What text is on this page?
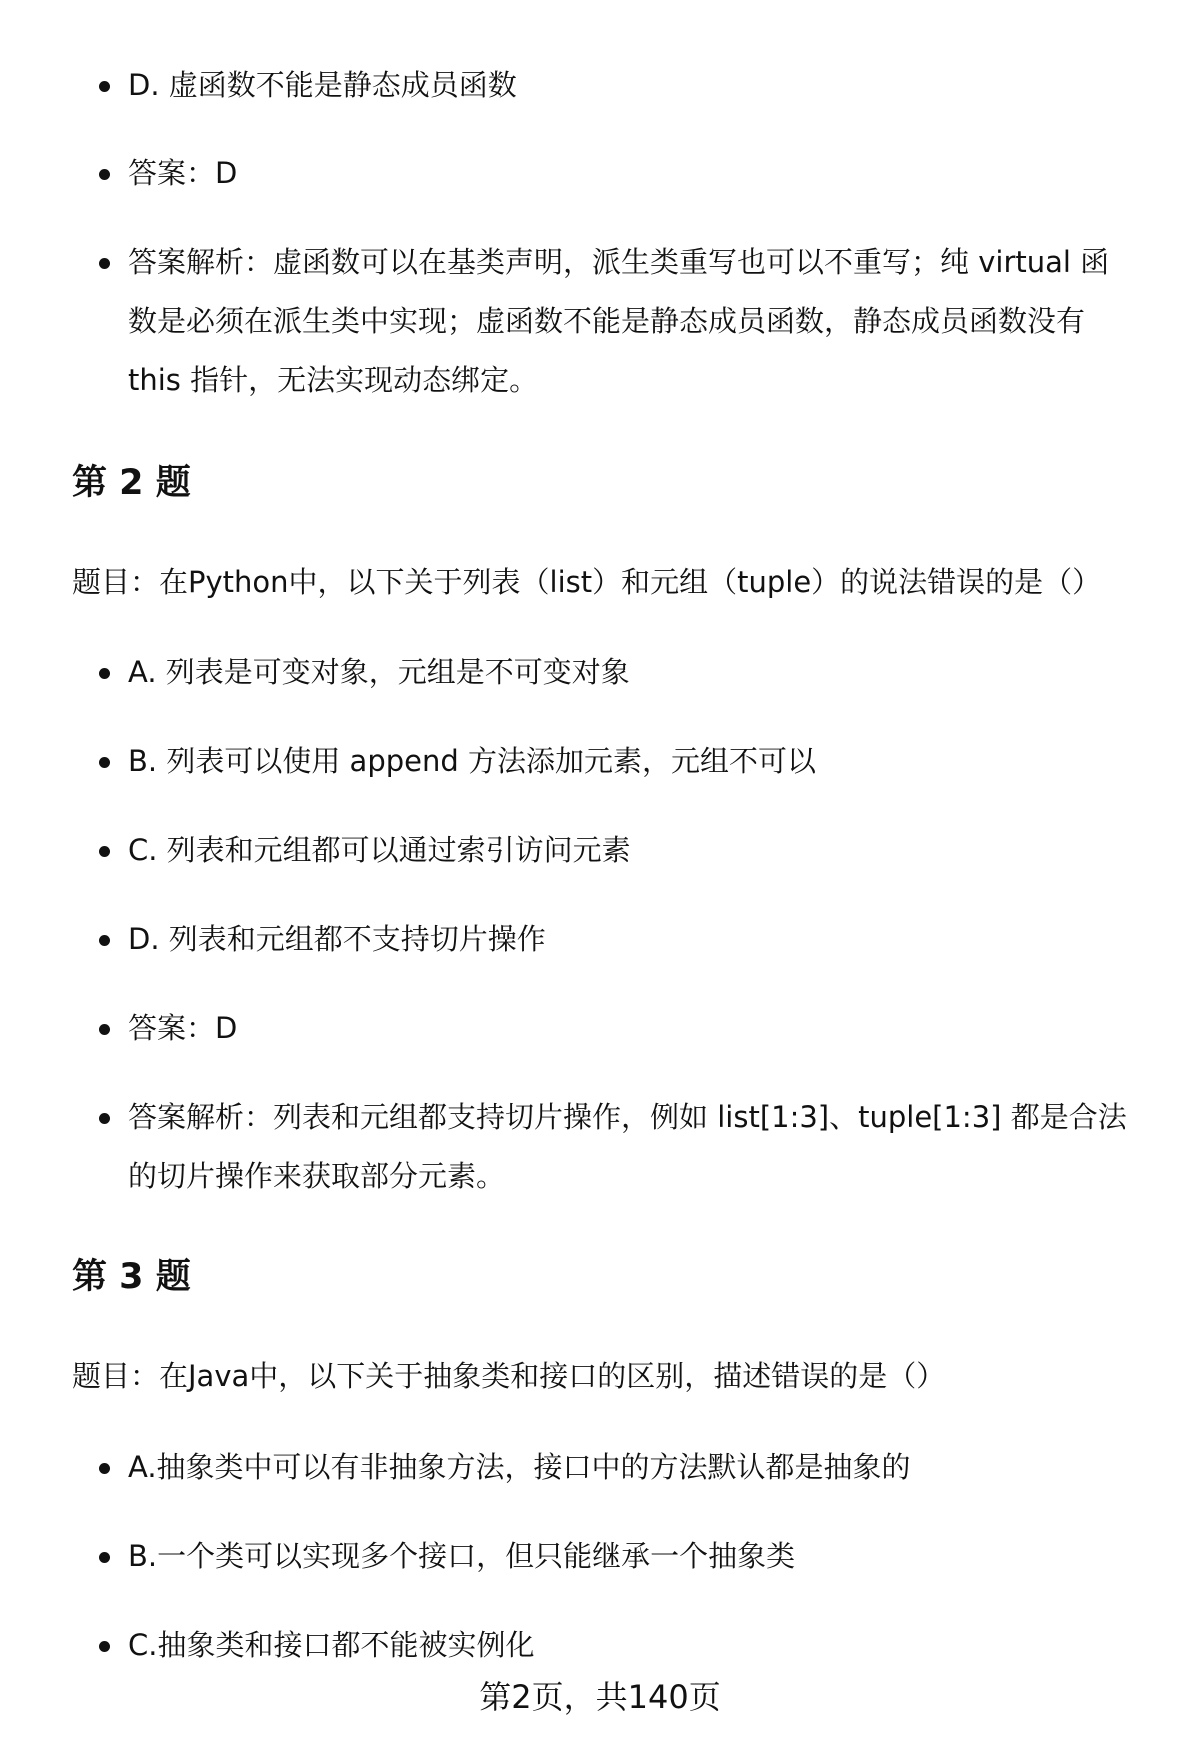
D. 虚函数不能是静态成员函数
答案：D
答案解析：虚函数可以在基类声明，派生类重写也可以不重写；纯 virtual 函数是必须在派生类中实现；虚函数不能是静态成员函数，静态成员函数没有 this 指针，无法实现动态绑定。
第 2 题

题目：在Python中，以下关于列表（list）和元组（tuple）的说法错误的是（）

A. 列表是可变对象，元组是不可变对象
B. 列表可以使用 append 方法添加元素，元组不可以
C. 列表和元组都可以通过索引访问元素
D. 列表和元组都不支持切片操作
答案：D
答案解析：列表和元组都支持切片操作，例如 list[1:3]、tuple[1:3] 都是合法的切片操作来获取部分元素。
第 3 题

题目：在Java中，以下关于抽象类和接口的区别，描述错误的是（）

A.抽象类中可以有非抽象方法，接口中的方法默认都是抽象的
B.一个类可以实现多个接口，但只能继承一个抽象类
C.抽象类和接口都不能被实例化
第2页，共140页
